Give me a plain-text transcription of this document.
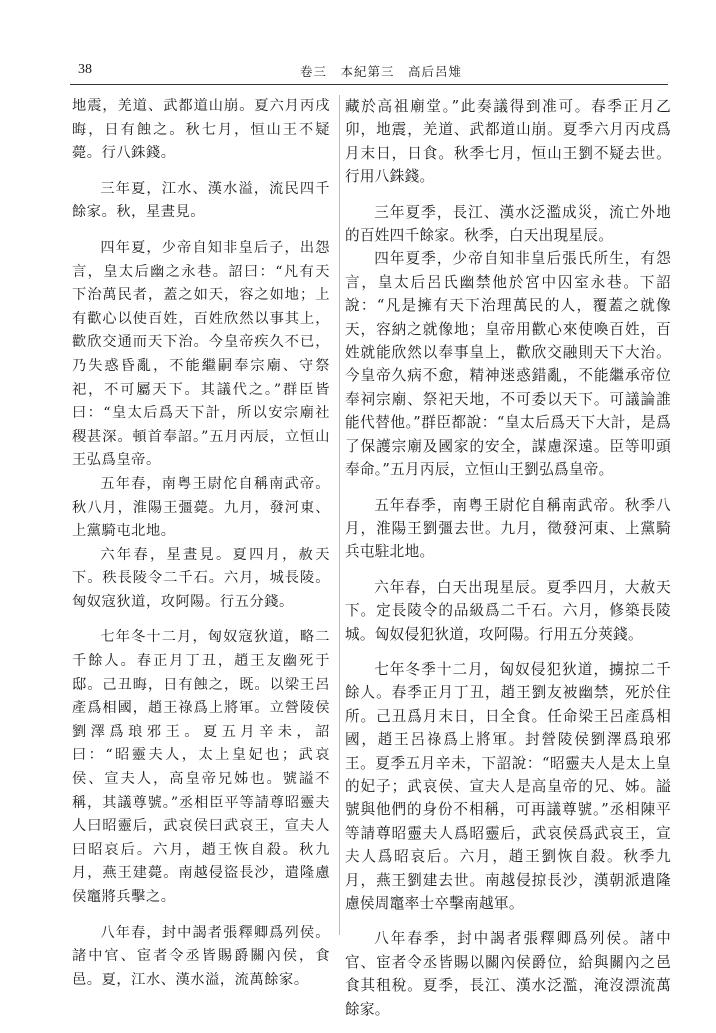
38	卷三　本紀第三　高后呂雉

地震，羌道、武都道山崩。夏六月丙戌晦，日有蝕之。秋七月，恒山王不疑薨。行八銖錢。

三年夏，江水、漢水溢，流民四千餘家。秋，星晝見。

四年夏，少帝自知非皇后子，出怨言，皇太后幽之永巷。詔曰：“凡有天下治萬民者，蓋之如天，容之如地；上有歡心以使百姓，百姓欣然以事其上，歡欣交通而天下治。今皇帝疾久不已，乃失惑昏亂，不能繼嗣奉宗廟、守祭祀，不可屬天下。其議代之。”群臣皆曰：“皇太后爲天下計，所以安宗廟社稷甚深。頓首奉詔。”五月丙辰，立恒山王弘爲皇帝。

五年春，南粤王尉佗自稱南武帝。秋八月，淮陽王彊薨。九月，發河東、上黨騎屯北地。

六年春，星晝見。夏四月，赦天下。秩長陵令二千石。六月，城長陵。匈奴寇狄道，攻阿陽。行五分錢。

七年冬十二月，匈奴寇狄道，略二千餘人。春正月丁丑，趙王友幽死于邸。己丑晦，日有蝕之，既。以梁王呂產爲相國，趙王祿爲上將軍。立營陵侯劉澤爲琅邪王。夏五月辛未，詔曰：“昭靈夫人，太上皇妃也；武哀侯、宣夫人，高皇帝兄姊也。號謚不稱，其議尊號。”丞相臣平等請尊昭靈夫人曰昭靈后，武哀侯曰武哀王，宣夫人曰昭哀后。六月，趙王恢自殺。秋九月，燕王建薨。南越侵盜長沙，遣隆慮侯竈將兵擊之。

八年春，封中謁者張釋卿爲列侯。諸中官、宦者令丞皆賜爵關內侯，食邑。夏，江水、漢水溢，流萬餘家。

藏於高祖廟堂。”此奏議得到准可。春季正月乙卯，地震，羌道、武都道山崩。夏季六月丙戌爲月末日，日食。秋季七月，恒山王劉不疑去世。行用八銖錢。

三年夏季，長江、漢水泛濫成災，流亡外地的百姓四千餘家。秋季，白天出現星辰。

四年夏季，少帝自知非皇后張氏所生，有怨言，皇太后呂氏幽禁他於宮中囚室永巷。下詔說：“凡是擁有天下治理萬民的人，覆蓋之就像天，容納之就像地；皇帝用歡心來使喚百姓，百姓就能欣然以奉事皇上，歡欣交融則天下大治。今皇帝久病不愈，精神迷惑錯亂，不能繼承帝位奉祠宗廟、祭祀天地，不可委以天下。可議論誰能代替他。”群臣都說：“皇太后爲天下大計，是爲了保護宗廟及國家的安全，謀慮深遠。臣等叩頭奉命。”五月丙辰，立恒山王劉弘爲皇帝。

五年春季，南粤王尉佗自稱南武帝。秋季八月，淮陽王劉彊去世。九月，徵發河東、上黨騎兵屯駐北地。

六年春，白天出現星辰。夏季四月，大赦天下。定長陵令的品級爲二千石。六月，修築長陵城。匈奴侵犯狄道，攻阿陽。行用五分莢錢。

七年冬季十二月，匈奴侵犯狄道，擄掠二千餘人。春季正月丁丑，趙王劉友被幽禁，死於住所。己丑爲月末日，日全食。任命梁王呂產爲相國，趙王呂祿爲上將軍。封營陵侯劉澤爲琅邪王。夏季五月辛未，下詔說：“昭靈夫人是太上皇的妃子；武哀侯、宣夫人是高皇帝的兄、姊。謚號與他們的身份不相稱，可再議尊號。”丞相陳平等請尊昭靈夫人爲昭靈后，武哀侯爲武哀王，宣夫人爲昭哀后。六月，趙王劉恢自殺。秋季九月，燕王劉建去世。南越侵掠長沙，漢朝派遣隆慮侯周竈率士卒擊南越軍。

八年春季，封中謁者張釋卿爲列侯。諸中官、宦者令丞皆賜以關內侯爵位，給與關內之邑食其租稅。夏季，長江、漢水泛濫，淹沒漂流萬餘家。
